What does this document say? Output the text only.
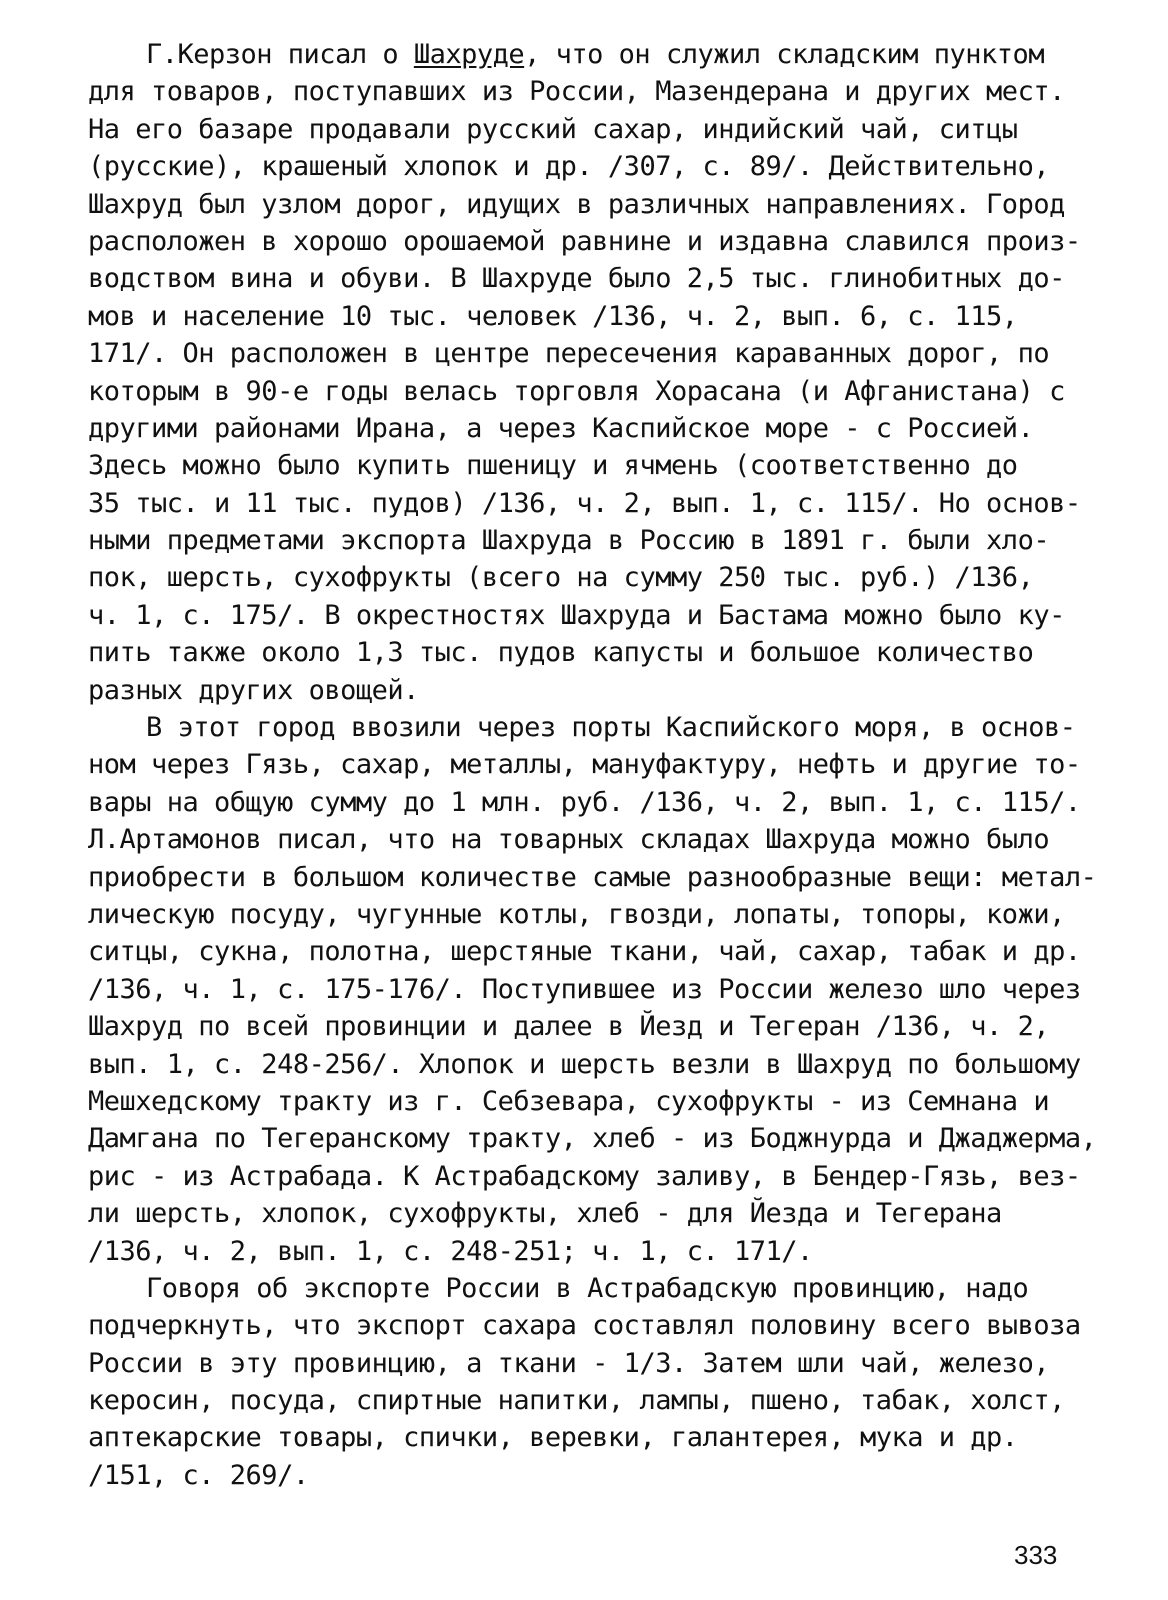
Г.Керзон писал о Шахруде, что он служил складским пунктом
для товаров, поступавших из России, Мазендерана и других мест.
На его базаре продавали русский сахар, индийский чай, ситцы
(русские), крашеный хлопок и др. /307, с. 89/. Действительно,
Шахруд был узлом дорог, идущих в различных направлениях. Город
расположен в хорошо орошаемой равнине и издавна славился произ-
водством вина и обуви. В Шахруде было 2,5 тыс. глинобитных до-
мов и население 10 тыс. человек /136, ч. 2, вып. 6, с. 115,
171/. Он расположен в центре пересечения караванных дорог, по
которым в 90-е годы велась торговля Хорасана (и Афганистана) с
другими районами Ирана, а через Каспийское море - с Россией.
Здесь можно было купить пшеницу и ячмень (соответственно до
35 тыс. и 11 тыс. пудов) /136, ч. 2, вып. 1, с. 115/. Но основ-
ными предметами экспорта Шахруда в Россию в 1891 г. были хло-
пок, шерсть, сухофрукты (всего на сумму 250 тыс. руб.) /136,
ч. 1, с. 175/. В окрестностях Шахруда и Бастама можно было ку-
пить также около 1,3 тыс. пудов капусты и большое количество
разных других овощей.
В этот город ввозили через порты Каспийского моря, в основ-
ном через Гязь, сахар, металлы, мануфактуру, нефть и другие то-
вары на общую сумму до 1 млн. руб. /136, ч. 2, вып. 1, с. 115/.
Л.Артамонов писал, что на товарных складах Шахруда можно было
приобрести в большом количестве самые разнообразные вещи: метал-
лическую посуду, чугунные котлы, гвозди, лопаты, топоры, кожи,
ситцы, сукна, полотна, шерстяные ткани, чай, сахар, табак и др.
/136, ч. 1, с. 175-176/. Поступившее из России железо шло через
Шахруд по всей провинции и далее в Йезд и Тегеран /136, ч. 2,
вып. 1, с. 248-256/. Хлопок и шерсть везли в Шахруд по большому
Мешхедскому тракту из г. Себзевара, сухофрукты - из Семнана и
Дамгана по Тегеранскому тракту, хлеб - из Боджнурда и Джаджерма,
рис - из Астрабада. К Астрабадскому заливу, в Бендер-Гязь, вез-
ли шерсть, хлопок, сухофрукты, хлеб - для Йезда и Тегерана
/136, ч. 2, вып. 1, с. 248-251; ч. 1, с. 171/.
Говоря об экспорте России в Астрабадскую провинцию, надо
подчеркнуть, что экспорт сахара составлял половину всего вывоза
России в эту провинцию, а ткани - 1/3. Затем шли чай, железо,
керосин, посуда, спиртные напитки, лампы, пшено, табак, холст,
аптекарские товары, спички, веревки, галантерея, мука и др.
/151, с. 269/.
333
